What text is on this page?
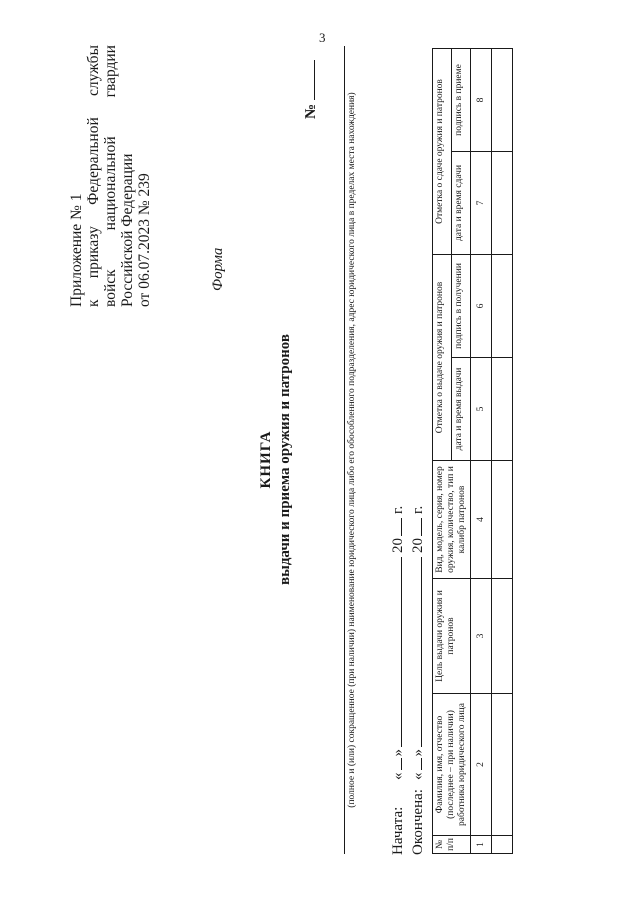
3
Приложение № 1 к
приказу
Федеральной
службы
войск
национальной
гвардии
Российской Федерации от 06.07.2023 № 239	Форма
№
КНИГА выдачи и приема оружия и патронов	(полное и (или) сокращенное (при наличии) наименование юридического лица либо его обособленного подразделения, адрес юридического лица в пределах места нахождения)
Начата:
«
»
20
г.
Окончена:
«
»
20
г.
№ п/п	Фамилия, имя, отчество (последнее – при наличии) работника юридического лица	Цель выдачи оружия и патронов	Вид, модель, серия, номер оружия, количество, тип и калибр патронов	Отметка о выдаче оружия и патронов		Отметка о сдаче оружия и патронов	
				дата и время выдачи	подпись в получении	дата и время сдачи	подпись в приеме
1	2	3	4	5	6	7	8
